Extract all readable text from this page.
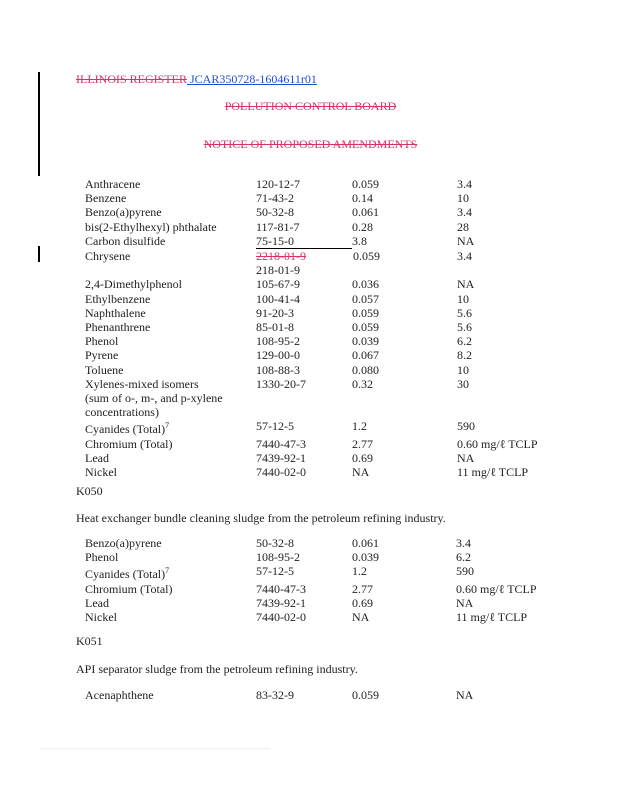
ILLINOIS REGISTER JCAR350728-1604611r01
POLLUTION CONTROL BOARD
NOTICE OF PROPOSED AMENDMENTS
Anthracene	120-12-7	0.059	3.4
Benzene	71-43-2	0.14	10
Benzo(a)pyrene	50-32-8	0.061	3.4
bis(2-Ethylhexyl) phthalate	117-81-7	0.28	28
Carbon disulfide	75-15-0	3.8	NA
Chrysene	2218-01-9	0.059	3.4
	218-01-9		
2,4-Dimethylphenol	105-67-9	0.036	NA
Ethylbenzene	100-41-4	0.057	10
Naphthalene	91-20-3	0.059	5.6
Phenanthrene	85-01-8	0.059	5.6
Phenol	108-95-2	0.039	6.2
Pyrene	129-00-0	0.067	8.2
Toluene	108-88-3	0.080	10
Xylenes-mixed isomers	1330-20-7	0.32	30
(sum of o-, m-, and p-xylene			
concentrations)			
Cyanides (Total)$^7$	57-12-5	1.2	590
Chromium (Total)	7440-47-3	2.77	0.60 mg/ℓ TCLP
Lead	7439-92-1	0.69	NA
Nickel	7440-02-0	NA	11 mg/ℓ TCLP
K050
Heat exchanger bundle cleaning sludge from the petroleum refining industry.
Benzo(a)pyrene	50-32-8	0.061	3.4
Phenol	108-95-2	0.039	6.2
Cyanides (Total)$^7$	57-12-5	1.2	590
Chromium (Total)	7440-47-3	2.77	0.60 mg/ℓ TCLP
Lead	7439-92-1	0.69	NA
Nickel	7440-02-0	NA	11 mg/ℓ TCLP
K051
API separator sludge from the petroleum refining industry.
Acenaphthene	83-32-9	0.059	NA
